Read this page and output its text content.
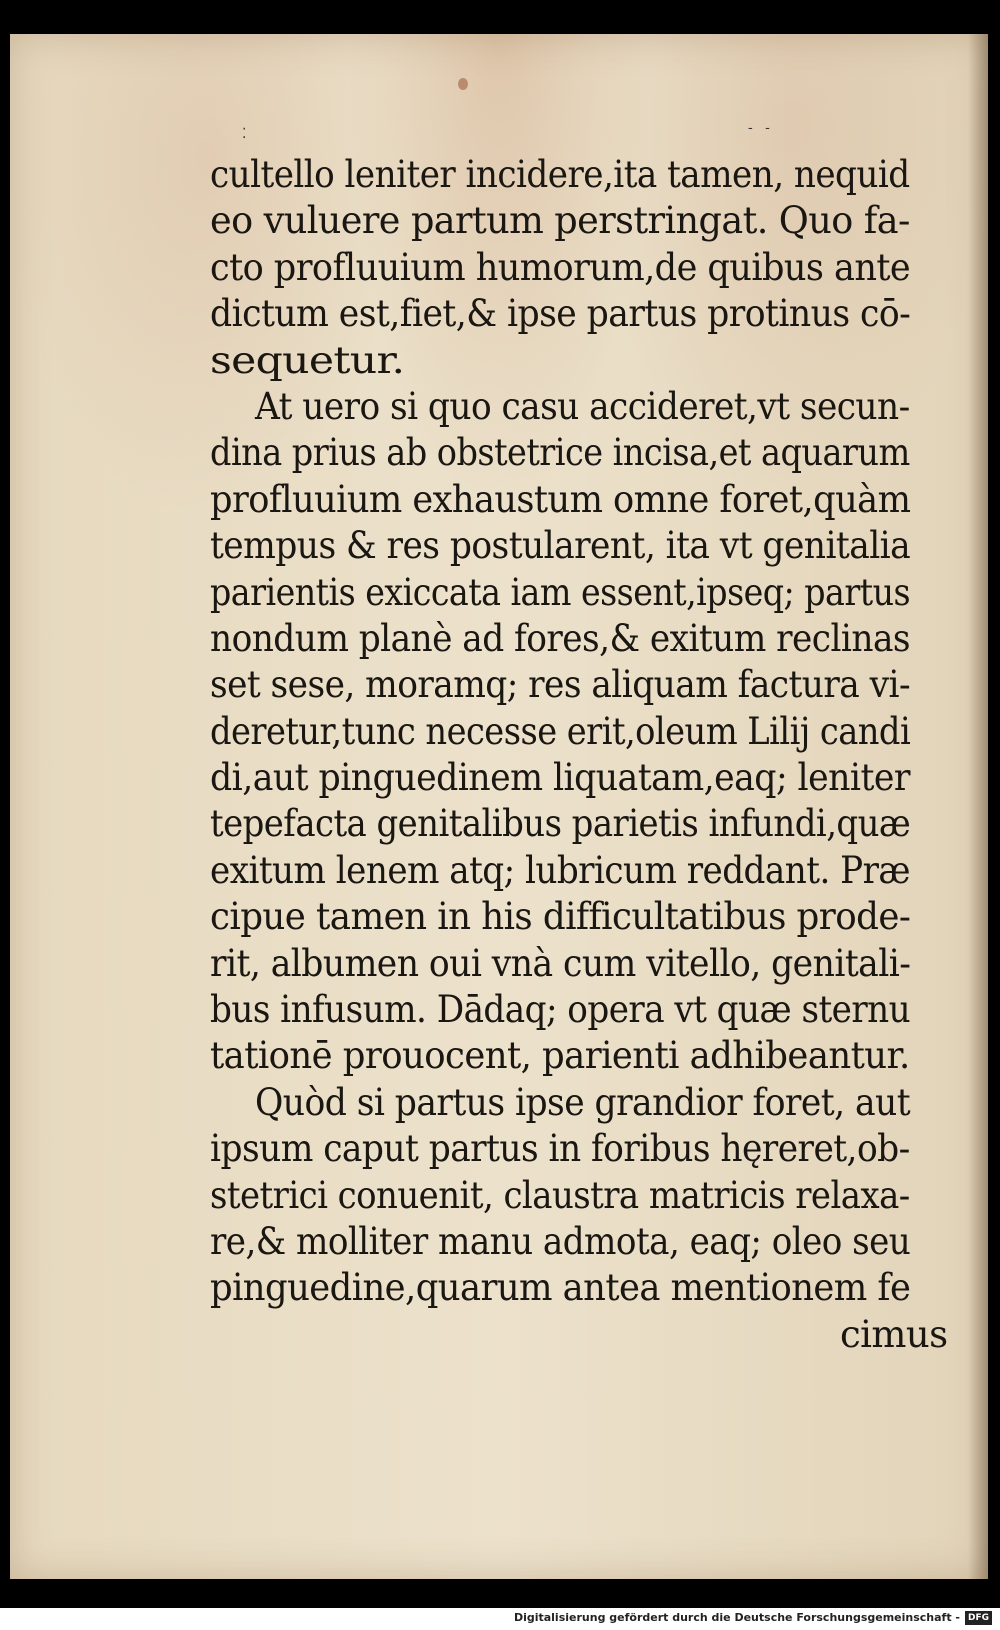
⁚	- -
cultello leniter incidere,ita tamen, nequid
eo vuluere partum perstringat. Quo fa-
cto profluuium humorum,de quibus ante
dictum est,fiet,& ipse partus protinus cō-
sequetur.
At uero si quo casu accideret,vt secun-
dina prius ab obstetrice incisa,et aquarum
profluuium exhaustum omne foret,quàm
tempus & res postularent, ita vt genitalia
parientis exiccata iam essent,ipseq; partus
nondum planè ad fores,& exitum reclinas
set sese, moramq; res aliquam factura vi-
deretur,tunc necesse erit,oleum Lilij candi
di,aut pinguedinem liquatam,eaq; leniter
tepefacta genitalibus parietis infundi,quæ
exitum lenem atq; lubricum reddant. Præ
cipue tamen in his difficultatibus prode-
rit, albumen oui vnà cum vitello, genitali-
bus infusum. Dādaq; opera vt quæ sternu
tationē prouocent, parienti adhibeantur.
Quòd si partus ipse grandior foret, aut
ipsum caput partus in foribus hęreret,ob-
stetrici conuenit, claustra matricis relaxa-
re,& molliter manu admota, eaq; oleo seu
pinguedine,quarum antea mentionem fe
cimus
Digitalisierung gefördert durch die Deutsche Forschungsgemeinschaft - DFG
